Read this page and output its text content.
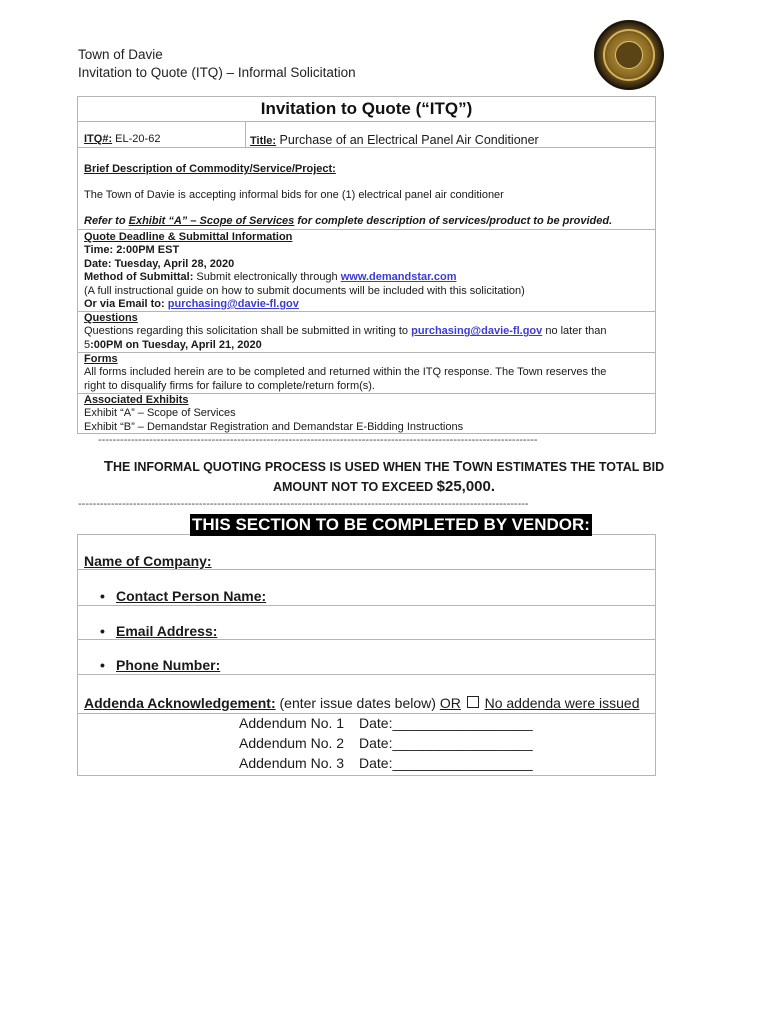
Town of Davie
Invitation to Quote (ITQ) – Informal Solicitation
Invitation to Quote (“ITQ”)
ITQ#: EL-20-62	Title: Purchase of an Electrical Panel Air Conditioner
Brief Description of Commodity/Service/Project:
The Town of Davie is accepting informal bids for one (1) electrical panel air conditioner
Refer to Exhibit “A” – Scope of Services for complete description of services/product to be provided.
Quote Deadline & Submittal Information
Time: 2:00PM EST
Date: Tuesday, April 28, 2020
Method of Submittal: Submit electronically through www.demandstar.com
(A full instructional guide on how to submit documents will be included with this solicitation)
Or via Email to: purchasing@davie-fl.gov
Questions
Questions regarding this solicitation shall be submitted in writing to purchasing@davie-fl.gov no later than
5:00PM on Tuesday, April 21, 2020
Forms
All forms included herein are to be completed and returned within the ITQ response. The Town reserves the
right to disqualify firms for failure to complete/return form(s).
Associated Exhibits
Exhibit “A” – Scope of Services
Exhibit “B” – Demandstar Registration and Demandstar E-Bidding Instructions
------------------------------------------------------------------------------------------------------------------------
THE INFORMAL QUOTING PROCESS IS USED WHEN THE TOWN ESTIMATES THE TOTAL BID
AMOUNT NOT TO EXCEED $25,000.
---------------------------------------------------------------------------------------------------------------------------
Name of Company:
• Contact Person Name:
• Email Address:
• Phone Number:
Addenda Acknowledgement: (enter issue dates below) OR No addenda were issued
Addendum No. 1 Date:__________________
Addendum No. 2 Date:__________________
Addendum No. 3 Date:__________________
THIS SECTION TO BE COMPLETED BY VENDOR:
